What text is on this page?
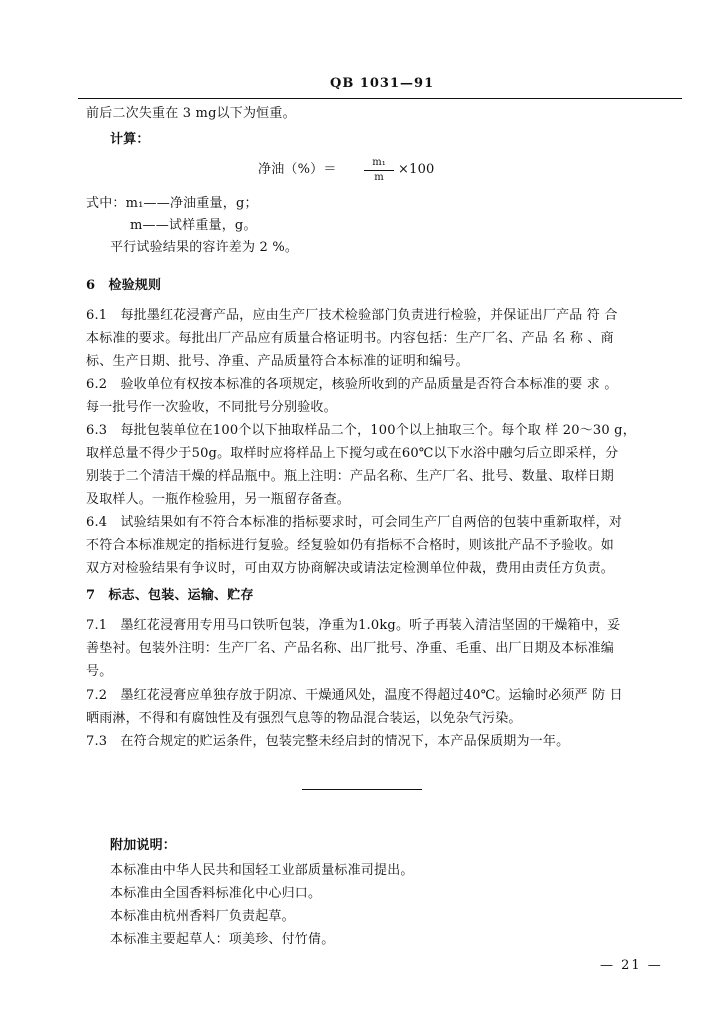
QB 1031—91
前后二次失重在 3 mg以下为恒重。
计算：
净油（%）＝	$\frac{\text{m₁}}{m} \times 100$
式中：m₁——净油重量，g；
m——试样重量，g。
平行试验结果的容许差为 2 %。
6　检验规则
6.1　每批墨红花浸膏产品，应由生产厂技术检验部门负责进行检验，并保证出厂产品 符 合
本标准的要求。每批出厂产品应有质量合格证明书。内容包括：生产厂名、产品 名 称 、商
标、生产日期、批号、净重、产品质量符合本标准的证明和编号。
6.2　验收单位有权按本标准的各项规定，核验所收到的产品质量是否符合本标准的要 求 。
每一批号作一次验收，不同批号分别验收。
6.3　每批包装单位在100个以下抽取样品二个，100个以上抽取三个。每个取 样 20～30 g，
取样总量不得少于50g。取样时应将样品上下搅匀或在60℃以下水浴中融匀后立即采样，分
别装于二个清洁干燥的样品瓶中。瓶上注明：产品名称、生产厂名、批号、数量、取样日期
及取样人。一瓶作检验用，另一瓶留存备查。
6.4　试验结果如有不符合本标准的指标要求时，可会同生产厂自两倍的包装中重新取样，对
不符合本标准规定的指标进行复验。经复验如仍有指标不合格时，则该批产品不予验收。如
双方对检验结果有争议时，可由双方协商解决或请法定检测单位仲裁，费用由责任方负责。
7　标志、包装、运输、贮存
7.1　墨红花浸膏用专用马口铁听包装，净重为1.0kg。听子再装入清洁坚固的干燥箱中，妥
善垫衬。包装外注明：生产厂名、产品名称、出厂批号、净重、毛重、出厂日期及本标准编
号。
7.2　墨红花浸膏应单独存放于阴凉、干燥通风处，温度不得超过40℃。运输时必须严 防 日
晒雨淋，不得和有腐蚀性及有强烈气息等的物品混合装运，以免杂气污染。
7.3　在符合规定的贮运条件，包装完整未经启封的情况下，本产品保质期为一年。
附加说明：
本标准由中华人民共和国轻工业部质量标准司提出。
本标准由全国香料标准化中心归口。
本标准由杭州香料厂负责起草。
本标准主要起草人：项美珍、付竹倩。
— 21 —
